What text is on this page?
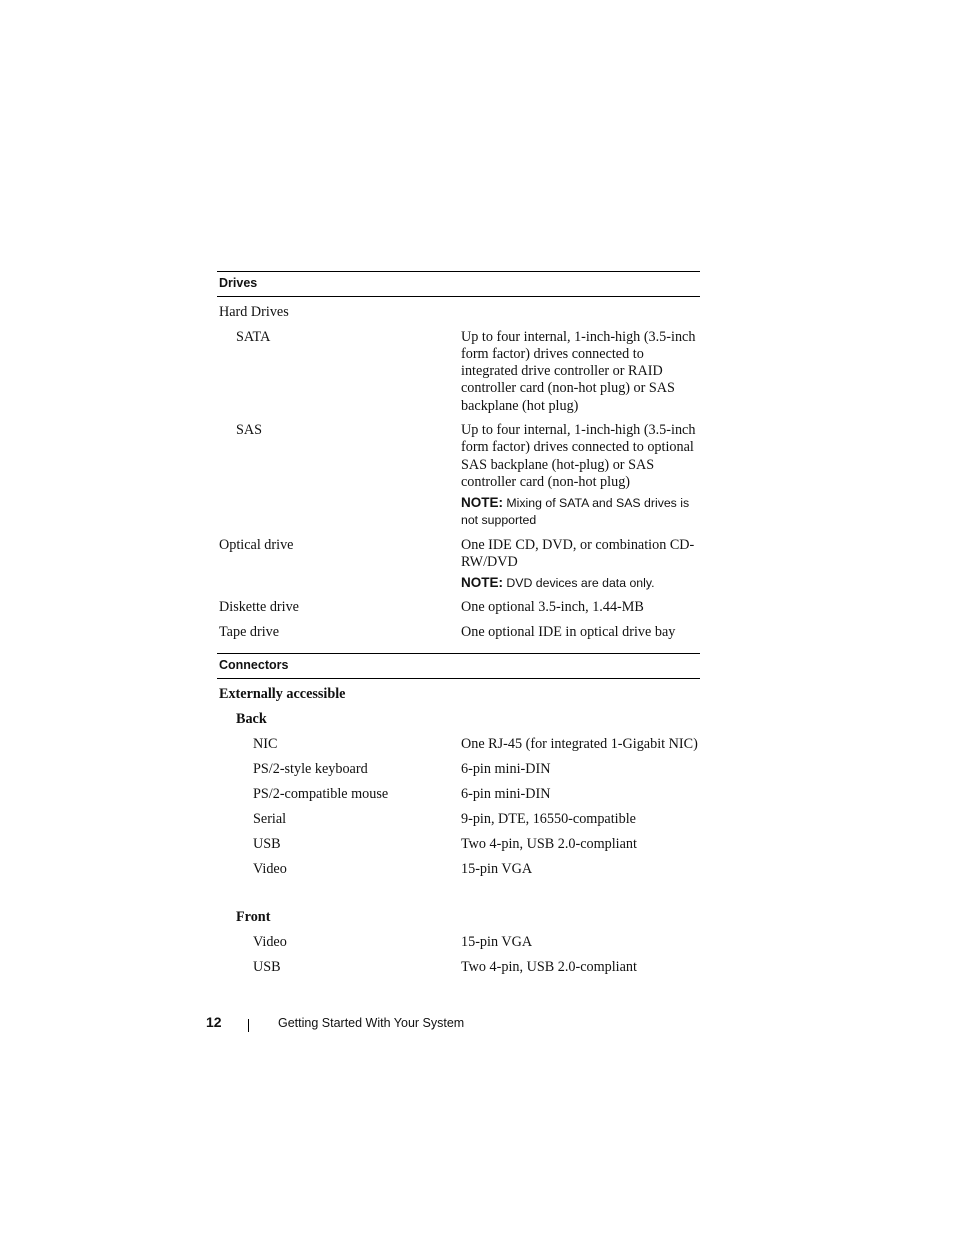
Drives
Hard Drives
SATA	Up to four internal, 1-inch-high (3.5-inch form factor) drives connected to integrated drive controller or RAID controller card (non-hot plug) or SAS backplane (hot plug)
SAS	Up to four internal, 1-inch-high (3.5-inch form factor) drives connected to optional SAS backplane (hot-plug) or SAS controller card (non-hot plug)
NOTE: Mixing of SATA and SAS drives is not supported
Optical drive	One IDE CD, DVD, or combination CD-RW/DVD
NOTE: DVD devices are data only.
Diskette drive	One optional 3.5-inch, 1.44-MB
Tape drive	One optional IDE in optical drive bay
Connectors
Externally accessible
Back
NIC	One RJ-45 (for integrated 1-Gigabit NIC)
PS/2-style keyboard	6-pin mini-DIN
PS/2-compatible mouse	6-pin mini-DIN
Serial	9-pin, DTE, 16550-compatible
USB	Two 4-pin, USB 2.0-compliant
Video	15-pin VGA
Front
Video	15-pin VGA
USB	Two 4-pin, USB 2.0-compliant
12	Getting Started With Your System
